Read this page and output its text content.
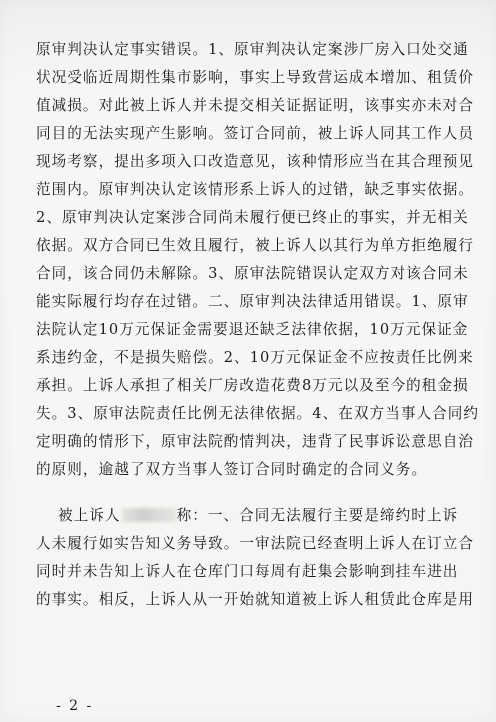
原审判决认定事实错误。1、原审判决认定案涉厂房入口处交通
状况受临近周期性集市影响，事实上导致营运成本增加、租赁价
值减损。对此被上诉人并未提交相关证据证明，该事实亦未对合
同目的无法实现产生影响。签订合同前，被上诉人同其工作人员
现场考察，提出多项入口改造意见，该种情形应当在其合理预见
范围内。原审判决认定该情形系上诉人的过错，缺乏事实依据。
2、原审判决认定案涉合同尚未履行便已终止的事实，并无相关
依据。双方合同已生效且履行，被上诉人以其行为单方拒绝履行
合同，该合同仍未解除。3、原审法院错误认定双方对该合同未
能实际履行均存在过错。二、原审判决法律适用错误。1、原审
法院认定10万元保证金需要退还缺乏法律依据，10万元保证金
系违约金，不是损失赔偿。2、10万元保证金不应按责任比例来
承担。上诉人承担了相关厂房改造花费8万元以及至今的租金损
失。3、原审法院责任比例无法律依据。4、在双方当事人合同约
定明确的情形下，原审法院酌情判决，违背了民事诉讼意思自治
的原则，逾越了双方当事人签订合同时确定的合同义务。
被上诉人	称：一、合同无法履行主要是缔约时上诉
人未履行如实告知义务导致。一审法院已经查明上诉人在订立合
同时并未告知上诉人在仓库门口每周有赶集会影响到挂车进出
的事实。相反，上诉人从一开始就知道被上诉人租赁此仓库是用
- 2 -
